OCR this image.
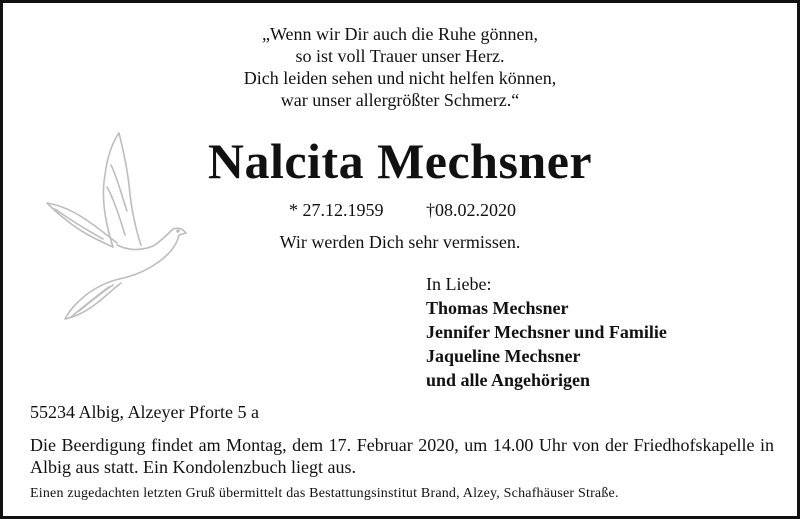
„Wenn wir Dir auch die Ruhe gönnen,
so ist voll Trauer unser Herz.
Dich leiden sehen und nicht helfen können,
war unser allergrößter Schmerz.“
Nalcita Mechsner
* 27.12.1959 †08.02.2020
Wir werden Dich sehr vermissen.
In Liebe:
Thomas Mechsner
Jennifer Mechsner und Familie
Jaqueline Mechsner
und alle Angehörigen
55234 Albig, Alzeyer Pforte 5 a
Die Beerdigung findet am Montag, dem 17. Februar 2020, um 14.00 Uhr von der Friedhofskapelle in Albig aus statt. Ein Kondolenzbuch liegt aus.
Einen zugedachten letzten Gruß übermittelt das Bestattungsinstitut Brand, Alzey, Schafhäuser Straße.
